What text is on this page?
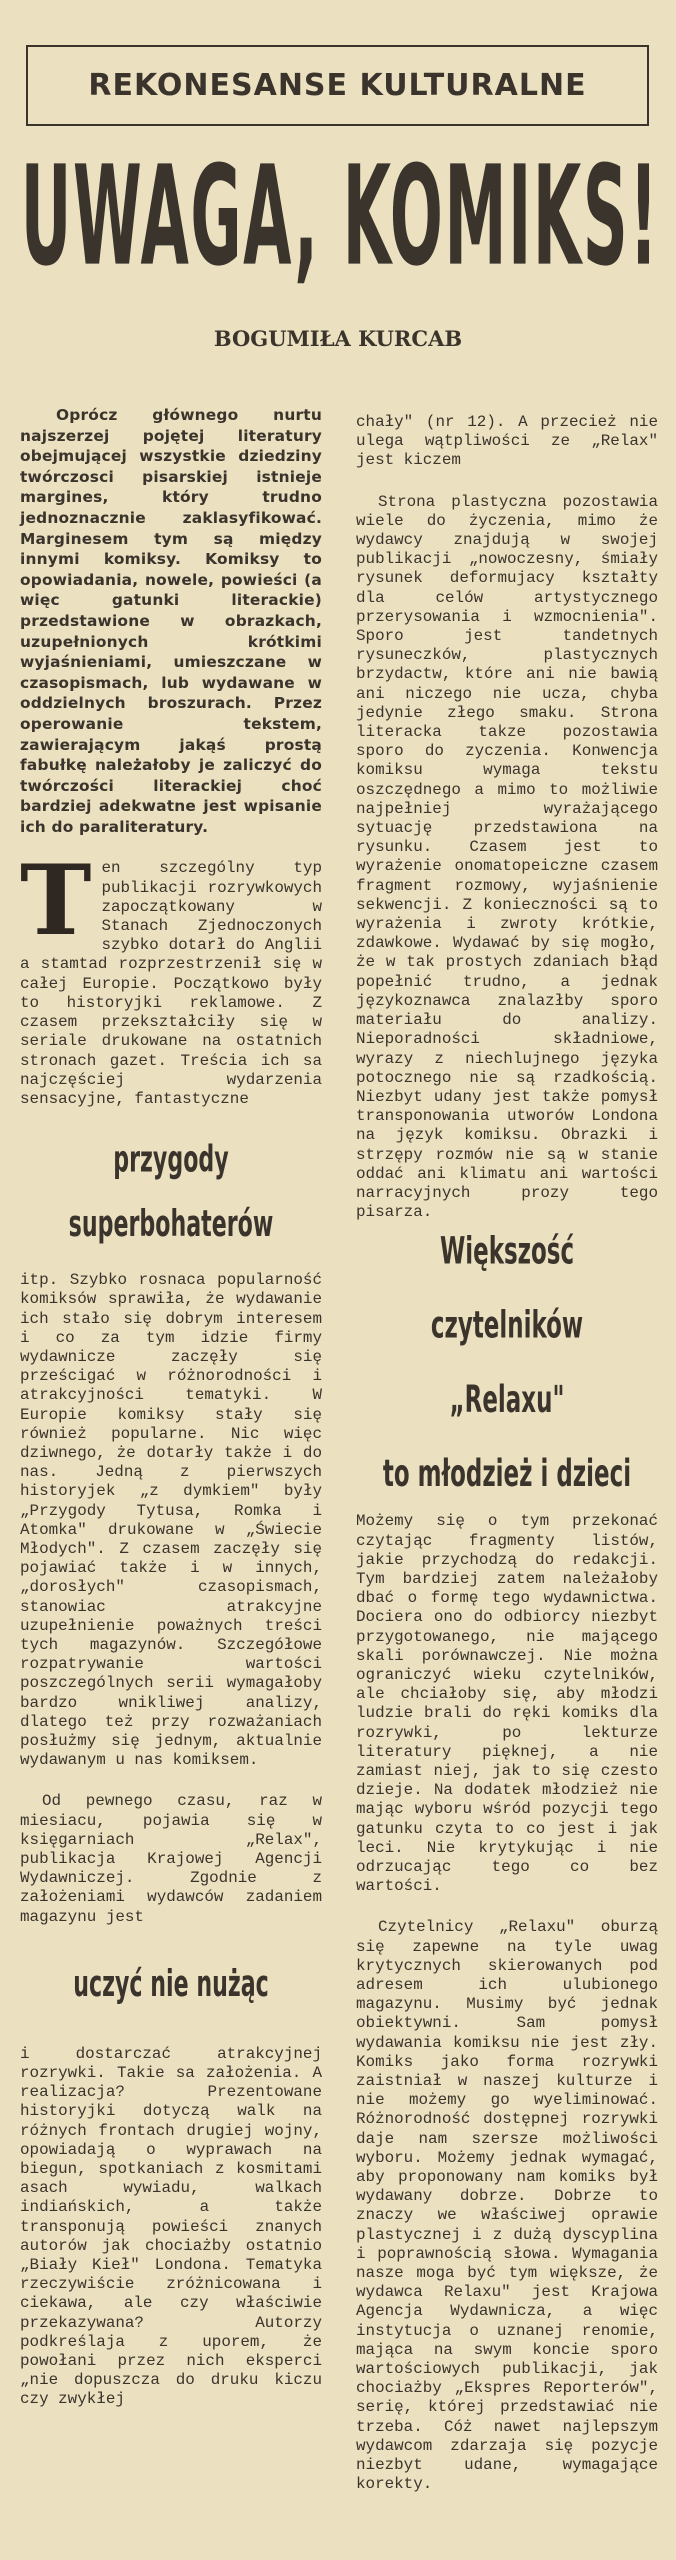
REKONESANSE KULTURALNE
UWAGA, KOMIKS!
BOGUMIŁA KURCAB

Oprócz głównego nurtu najszerzej pojętej literatury obejmującej wszystkie dziedziny twórczosci pisarskiej istnieje margines, który trudno jednoznacznie zaklasyfikować. Marginesem tym są między innymi komiksy. Komiksy to opowiadania, nowele, powieści (a więc gatunki literackie) przedstawione w obrazkach, uzupełnionych krótkimi wyjaśnieniami, umieszczane w czasopismach, lub wydawane w oddzielnych broszurach. Przez operowanie tekstem, zawierającym jakąś prostą fabułkę należałoby je zaliczyć do twórczości literackiej choć bardziej adekwatne jest wpisanie ich do paraliteratury.

T en szczególny typ publikacji rozrywkowych zapoczątkowany w Stanach Zjednoczonych szybko dotarł do Anglii a stamtad rozprzestrzenił się w całej Europie. Początkowo były to historyjki reklamowe. Z czasem przekształciły się w seriale drukowane na ostatnich stronach gazet. Treścia ich sa najczęściej wydarzenia sensacyjne, fantastyczne

przygody superbohaterów

itp. Szybko rosnaca popularność komiksów sprawiła, że wydawanie ich stało się dobrym interesem i co za tym idzie firmy wydawnicze zaczęły się prześcigać w różnorodności i atrakcyjności tematyki. W Europie komiksy stały się również popularne. Nic więc dziwnego, że dotarły także i do nas. Jedną z pierwszych historyjek „z dymkiem" były „Przygody Tytusa, Romka i Atomka" drukowane w „Świecie Młodych". Z czasem zaczęły się pojawiać także i w innych, „dorosłych" czasopismach, stanowiac atrakcyjne uzupełnienie poważnych treści tych magazynów. Szczegółowe rozpatrywanie wartości poszczególnych serii wymagałoby bardzo wnikliwej analizy, dlatego też przy rozważaniach posłużmy się jednym, aktualnie wydawanym u nas komiksem.

Od pewnego czasu, raz w miesiacu, pojawia się w księgarniach „Relax", publikacja Krajowej Agencji Wydawniczej. Zgodnie z założeniami wydawców zadaniem magazynu jest

uczyć nie nużąc

i dostarczać atrakcyjnej rozrywki. Takie sa założenia. A realizacja? Prezentowane historyjki dotyczą walk na różnych frontach drugiej wojny, opowiadają o wyprawach na biegun, spotkaniach z kosmitami asach wywiadu, walkach indiańskich, a także transponują powieści znanych autorów jak chociażby ostatnio „Biały Kieł" Londona. Tematyka rzeczywiście zróżnicowana i ciekawa, ale czy właściwie przekazywana? Autorzy podkreślaja z uporem, że powołani przez nich eksperci „nie dopuszcza do druku kiczu czy zwykłej

chały" (nr 12). A przecież nie ulega wątpliwości ze „Relax" jest kiczem

Strona plastyczna pozostawia wiele do życzenia, mimo że wydawcy znajdują w swojej publikacji „nowoczesny, śmiały rysunek deformujacy kształty dla celów artystycznego przerysowania i wzmocnienia". Sporo jest tandetnych rysuneczków, plastycznych brzydactw, które ani nie bawią ani niczego nie ucza, chyba jedynie złego smaku. Strona literacka takze pozostawia sporo do zyczenia. Konwencja komiksu wymaga tekstu oszczędnego a mimo to możliwie najpełniej wyrażającego sytuację przedstawiona na rysunku. Czasem jest to wyrażenie onomatopeiczne czasem fragment rozmowy, wyjaśnienie sekwencji. Z konieczności są to wyrażenia i zwroty krótkie, zdawkowe. Wydawać by się mogło, że w tak prostych zdaniach błąd popełnić trudno, a jednak językoznawca znalazłby sporo materiału do analizy. Nieporadności składniowe, wyrazy z niechlujnego języka potocznego nie są rzadkością. Niezbyt udany jest także pomysł transponowania utworów Londona na język komiksu. Obrazki i strzępy rozmów nie są w stanie oddać ani klimatu ani wartości narracyjnych prozy tego pisarza.

Większość czytelników
„Relaxu"
to młodzież i dzieci

Możemy się o tym przekonać czytając fragmenty listów, jakie przychodzą do redakcji. Tym bardziej zatem należałoby dbać o formę tego wydawnictwa. Dociera ono do odbiorcy niezbyt przygotowanego, nie mającego skali porównawczej. Nie można ograniczyć wieku czytelników, ale chciałoby się, aby młodzi ludzie brali do ręki komiks dla rozrywki, po lekturze literatury pięknej, a nie zamiast niej, jak to się czesto dzieje. Na dodatek młodzież nie mając wyboru wśród pozycji tego gatunku czyta to co jest i jak leci. Nie krytykując i nie odrzucając tego co bez wartości.

Czytelnicy „Relaxu" oburzą się zapewne na tyle uwag krytycznych skierowanych pod adresem ich ulubionego magazynu. Musimy być jednak obiektywni. Sam pomysł wydawania komiksu nie jest zły. Komiks jako forma rozrywki zaistniał w naszej kulturze i nie możemy go wyeliminować. Różnorodność dostępnej rozrywki daje nam szersze możliwości wyboru. Możemy jednak wymagać, aby proponowany nam komiks był wydawany dobrze. Dobrze to znaczy we właściwej oprawie plastycznej i z dużą dyscyplina i poprawnością słowa. Wymagania nasze moga być tym większe, że wydawca Relaxu" jest Krajowa Agencja Wydawnicza, a więc instytucja o uznanej renomie, mająca na swym koncie sporo wartościowych publikacji, jak chociażby „Ekspres Reporterów", serię, której przedstawiać nie trzeba. Cóż nawet najlepszym wydawcom zdarzaja się pozycje niezbyt udane, wymagające korekty.
